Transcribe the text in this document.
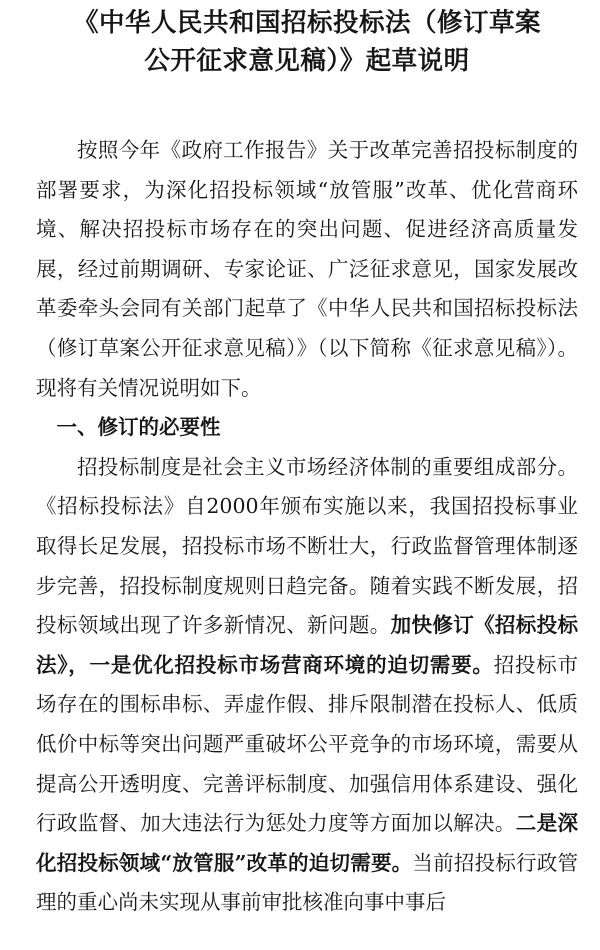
《中华人民共和国招标投标法（修订草案
公开征求意见稿）》起草说明

按照今年《政府工作报告》关于改革完善招投标制度的部署要求，为深化招投标领域“放管服”改革、优化营商环境、解决招投标市场存在的突出问题、促进经济高质量发展，经过前期调研、专家论证、广泛征求意见，国家发展改革委牵头会同有关部门起草了《中华人民共和国招标投标法（修订草案公开征求意见稿）》（以下简称《征求意见稿》）。现将有关情况说明如下。

一、修订的必要性

招投标制度是社会主义市场经济体制的重要组成部分。《招标投标法》自2000年颁布实施以来，我国招投标事业取得长足发展，招投标市场不断壮大，行政监督管理体制逐步完善，招投标制度规则日趋完备。随着实践不断发展，招投标领域出现了许多新情况、新问题。加快修订《招标投标法》，一是优化招投标市场营商环境的迫切需要。招投标市场存在的围标串标、弄虚作假、排斥限制潜在投标人、低质低价中标等突出问题严重破坏公平竞争的市场环境，需要从提高公开透明度、完善评标制度、加强信用体系建设、强化行政监督、加大违法行为惩处力度等方面加以解决。二是深化招投标领域“放管服”改革的迫切需要。当前招投标行政管理的重心尚未实现从事前审批核准向事中事后
